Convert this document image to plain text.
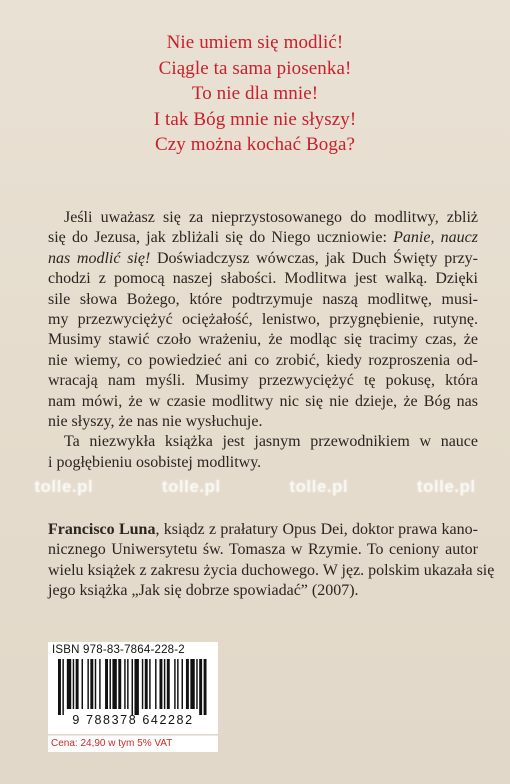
Nie umiem się modlić!
Ciągle ta sama piosenka!
To nie dla mnie!
I tak Bóg mnie nie słyszy!
Czy można kochać Boga?
Jeśli uważasz się za nieprzystosowanego do modlitwy, zbliż
się do Jezusa, jak zbliżali się do Niego uczniowie: Panie, naucz
nas modlić się! Doświadczysz wówczas, jak Duch Święty przy-
chodzi z pomocą naszej słabości. Modlitwa jest walką. Dzięki
sile słowa Bożego, które podtrzymuje naszą modlitwę, musi-
my przezwyciężyć ociężałość, lenistwo, przygnębienie, rutynę.
Musimy stawić czoło wrażeniu, że modląc się tracimy czas, że
nie wiemy, co powiedzieć ani co zrobić, kiedy rozproszenia od-
wracają nam myśli. Musimy przezwyciężyć tę pokusę, która
nam mówi, że w czasie modlitwy nic się nie dzieje, że Bóg nas
nie słyszy, że nas nie wysłuchuje.
Ta niezwykła książka jest jasnym przewodnikiem w nauce
i pogłębieniu osobistej modlitwy.
tolle.pl	tolle.pl	tolle.pl	tolle.pl
Francisco Luna, ksiądz z prałatury Opus Dei, doktor prawa kano-
nicznego Uniwersytetu św. Tomasza w Rzymie. To ceniony autor
wielu książek z zakresu życia duchowego. W jęz. polskim ukazała się
jego książka „Jak się dobrze spowiadać” (2007).
ISBN 978-83-7864-228-2
9 788378 642282
Cena: 24,90 w tym 5% VAT
